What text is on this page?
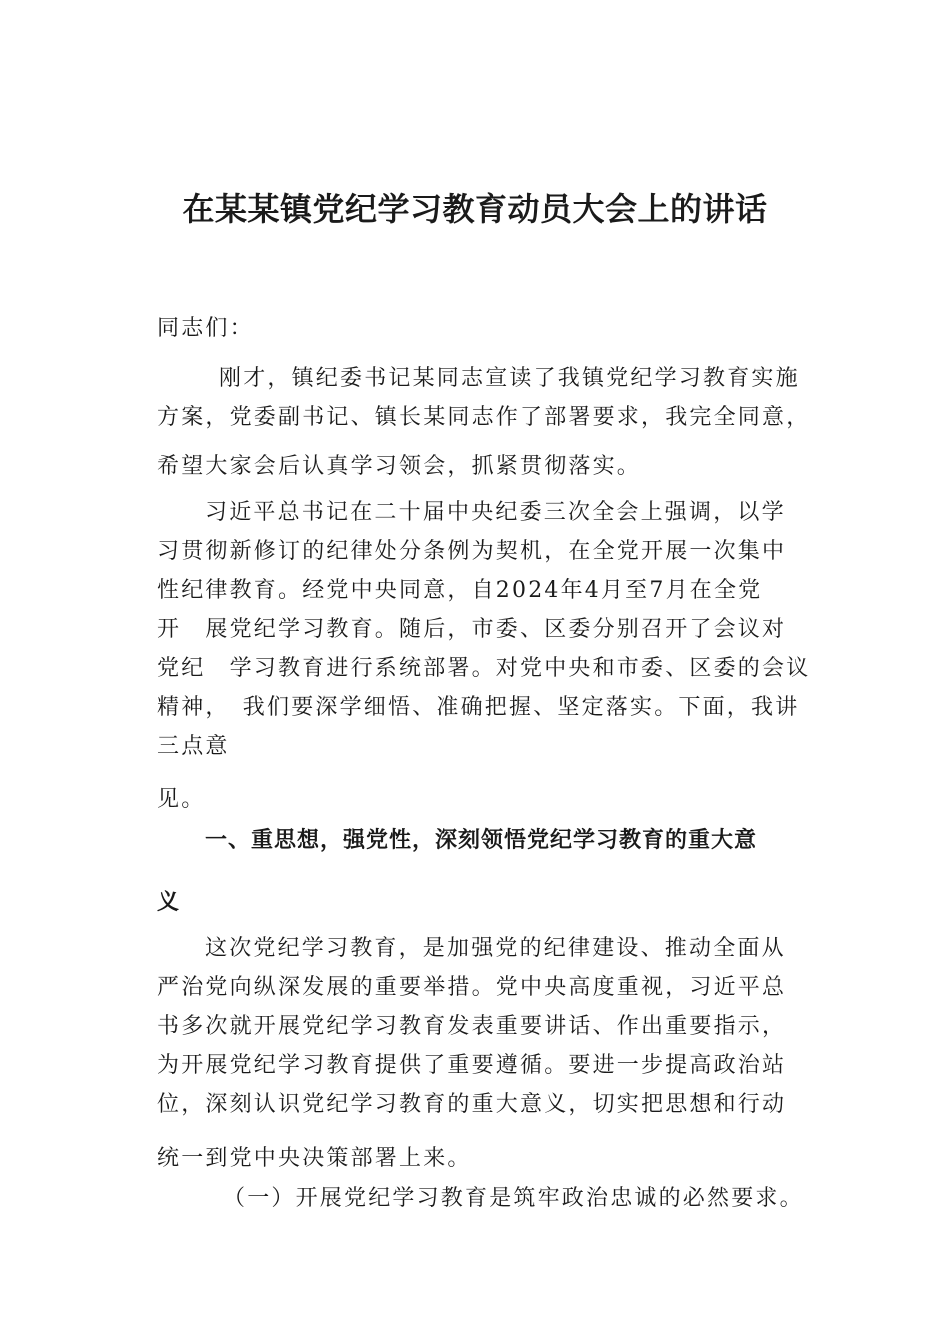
在某某镇党纪学习教育动员大会上的讲话
同志们：
刚才，镇纪委书记某同志宣读了我镇党纪学习教育实施
方案，党委副书记、镇长某同志作了部署要求，我完全同意，
希望大家会后认真学习领会，抓紧贯彻落实。
习近平总书记在二十届中央纪委三次全会上强调，以学
习贯彻新修订的纪律处分条例为契机，在全党开展一次集中
性纪律教育。经党中央同意，自2024年4月至7月在全党
开　展党纪学习教育。随后，市委、区委分别召开了会议对
党纪　学习教育进行系统部署。对党中央和市委、区委的会议
精神，　我们要深学细悟、准确把握、坚定落实。下面，我讲
三点意
见。
一、重思想，强党性，深刻领悟党纪学习教育的重大意
义
这次党纪学习教育，是加强党的纪律建设、推动全面从
严治党向纵深发展的重要举措。党中央高度重视，习近平总
书多次就开展党纪学习教育发表重要讲话、作出重要指示，
为开展党纪学习教育提供了重要遵循。要进一步提高政治站
位，深刻认识党纪学习教育的重大意义，切实把思想和行动
统一到党中央决策部署上来。
（一）开展党纪学习教育是筑牢政治忠诚的必然要求。
